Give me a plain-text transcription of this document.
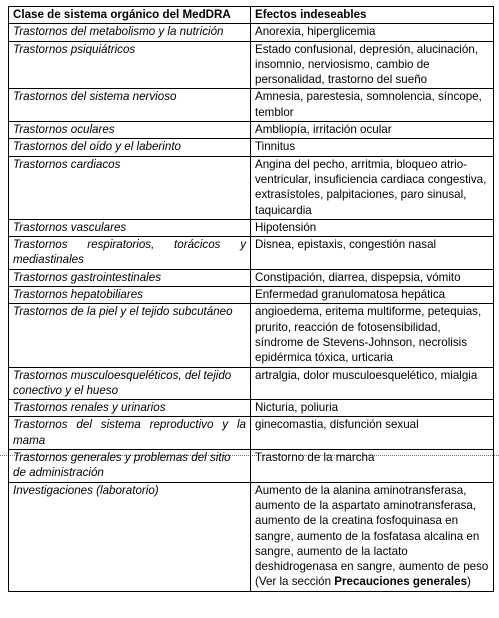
Clase de sistema orgánico del MedDRA	Efectos indeseables
Trastornos del metabolismo y la nutrición	Anorexia, hiperglicemia
Trastornos psiquiátricos	Estado confusional, depresión, alucinación, insomnio, nerviosismo, cambio de personalidad, trastorno del sueño
Trastornos del sistema nervioso	Amnesia, parestesia, somnolencia, síncope, temblor
Trastornos oculares	Ambliopía, irritación ocular
Trastornos del oído y el laberinto	Tinnitus
Trastornos cardiacos	Angina del pecho, arritmia, bloqueo atrio-ventricular, insuficiencia cardiaca congestiva, extrasístoles, palpitaciones, paro sinusal, taquicardia
Trastornos vasculares	Hipotensión
Trastornos respiratorios, torácicos y mediastinales	Disnea, epistaxis, congestión nasal
Trastornos gastrointestinales	Constipación, diarrea, dispepsia, vómito
Trastornos hepatobiliares	Enfermedad granulomatosa hepática
Trastornos de la piel y el tejido subcutáneo	angioedema, eritema multiforme, petequias, prurito, reacción de fotosensibilidad, síndrome de Stevens-Johnson, necrolisis epidérmica tóxica, urticaria
Trastornos musculoesqueléticos, del tejido conectivo y el hueso	artralgia, dolor musculoesquelético, mialgia
Trastornos renales y urinarios	Nicturia, poliuria
Trastornos del sistema reproductivo y la mama	ginecomastia, disfunción sexual
Trastornos generales y problemas del sitio de administración	Trastorno de la marcha
Investigaciones (laboratorio)	Aumento de la alanina aminotransferasa, aumento de la aspartato aminotransferasa, aumento de la creatina fosfoquinasa en sangre, aumento de la fosfatasa alcalina en sangre, aumento de la lactato deshidrogenasa en sangre, aumento de peso (Ver la sección Precauciones generales)
